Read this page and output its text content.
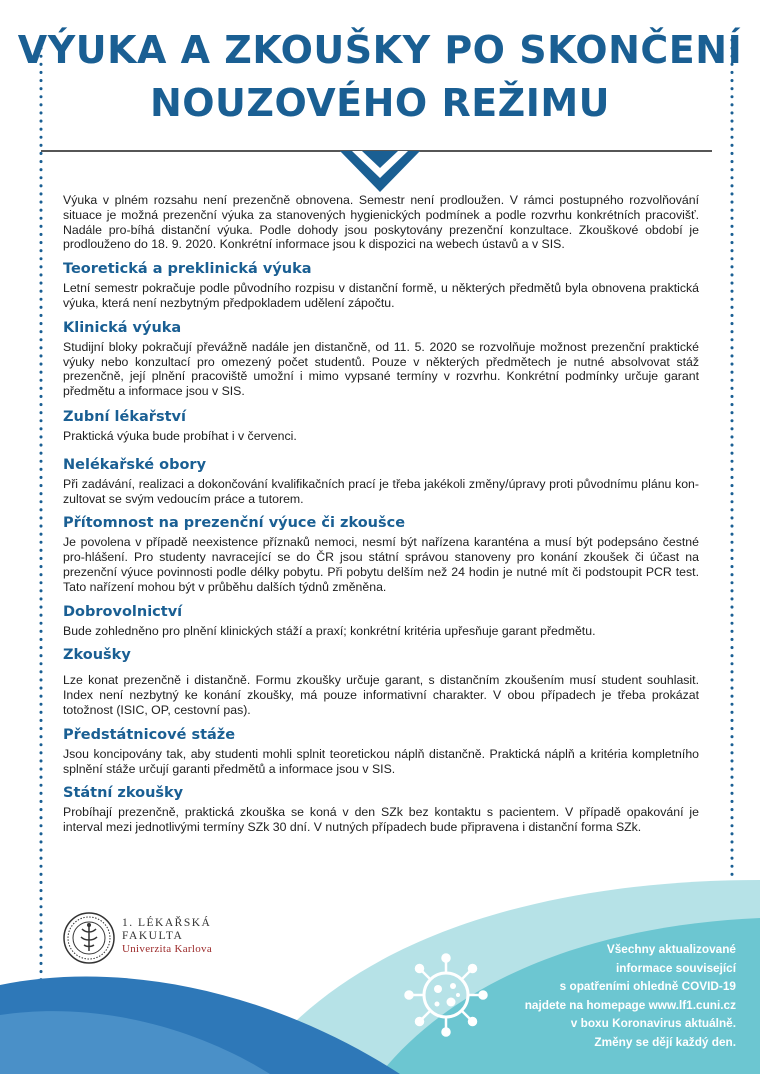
VÝUKA A ZKOUŠKY PO SKONČENÍ
NOUZOVÉHO REŽIMU

Výuka v plném rozsahu není prezenčně obnovena. Semestr není prodloužen. V rámci postupného rozvolňování situace je možná prezenční výuka za stanovených hygienických podmínek a podle rozvrhu konkrétních pracovišť. Nadále pro-bíhá distanční výuka. Podle dohody jsou poskytovány prezenční konzultace. Zkouškové období je prodlouženo do 18. 9. 2020. Konkrétní informace jsou k dispozici na webech ústavů a v SIS.

Teoretická a preklinická výuka

Letní semestr pokračuje podle původního rozpisu v distanční formě, u některých předmětů byla obnovena praktická výuka, která není nezbytným předpokladem udělení zápočtu.

Klinická výuka

Studijní bloky pokračují převážně nadále jen distančně, od 11. 5. 2020 se rozvolňuje možnost prezenční praktické výuky nebo konzultací pro omezený počet studentů. Pouze v některých předmětech je nutné absolvovat stáž prezenčně, její plnění pracoviště umožní i mimo vypsané termíny v rozvrhu. Konkrétní podmínky určuje garant předmětu a informace jsou v SIS.

Zubní lékařství

Praktická výuka bude probíhat i v červenci.

Nelékařské obory

Při zadávání, realizaci a dokončování kvalifikačních prací je třeba jakékoli změny/úpravy proti původnímu plánu kon-zultovat se svým vedoucím práce a tutorem.

Přítomnost na prezenční výuce či zkoušce

Je povolena v případě neexistence příznaků nemoci, nesmí být nařízena karanténa a musí být podepsáno čestné pro-hlášení. Pro studenty navracející se do ČR jsou státní správou stanoveny pro konání zkoušek či účast na prezenční výuce povinnosti podle délky pobytu. Při pobytu delším než 24 hodin je nutné mít či podstoupit PCR test. Tato nařízení mohou být v průběhu dalších týdnů změněna.

Dobrovolnictví

Bude zohledněno pro plnění klinických stáží a praxí; konkrétní kritéria upřesňuje garant předmětu.

Zkoušky

Lze konat prezenčně i distančně. Formu zkoušky určuje garant, s distančním zkoušením musí student souhlasit. Index není nezbytný ke konání zkoušky, má pouze informativní charakter. V obou případech je třeba prokázat totožnost (ISIC, OP, cestovní pas).

Předstátnicové stáže

Jsou koncipovány tak, aby studenti mohli splnit teoretickou náplň distančně. Praktická náplň a kritéria kompletního splnění stáže určují garanti předmětů a informace jsou v SIS.

Státní zkoušky

Probíhají prezenčně, praktická zkouška se koná v den SZk bez kontaktu s pacientem. V případě opakování je interval mezi jednotlivými termíny SZk 30 dní. V nutných případech bude připravena i distanční forma SZk.

1. LÉKAŘSKÁ
FAKULTA
Univerzita Karlova	Všechny aktualizované
informace související
s opatřeními ohledně COVID-19
najdete na homepage www.lf1.cuni.cz
v boxu Koronavirus aktuálně.
Změny se dějí každý den.
